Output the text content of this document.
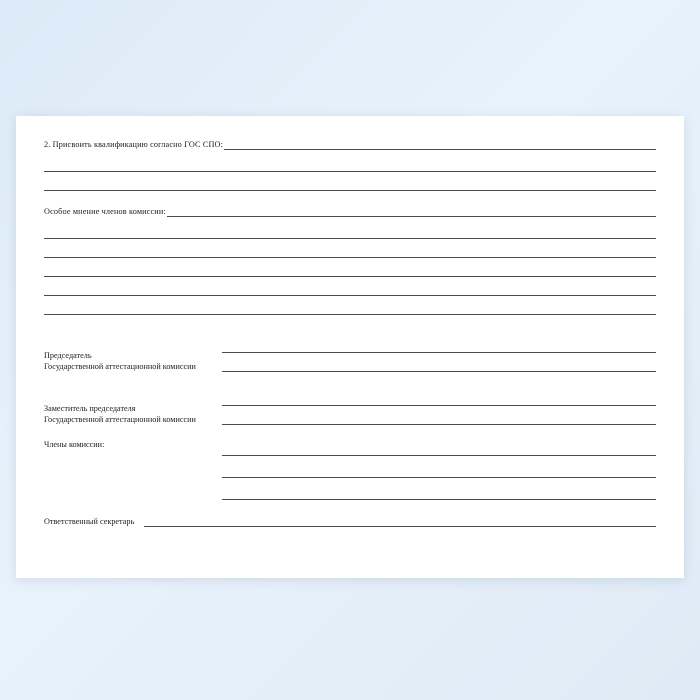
2. Присвоить квалификацию согласно ГОС СПО:
Особое мнение членов комиссии:
Председатель
Государственной аттестационной комиссии
Заместитель председателя
Государственной аттестационной комиссии
Члены комиссии:
Ответственный секретарь
